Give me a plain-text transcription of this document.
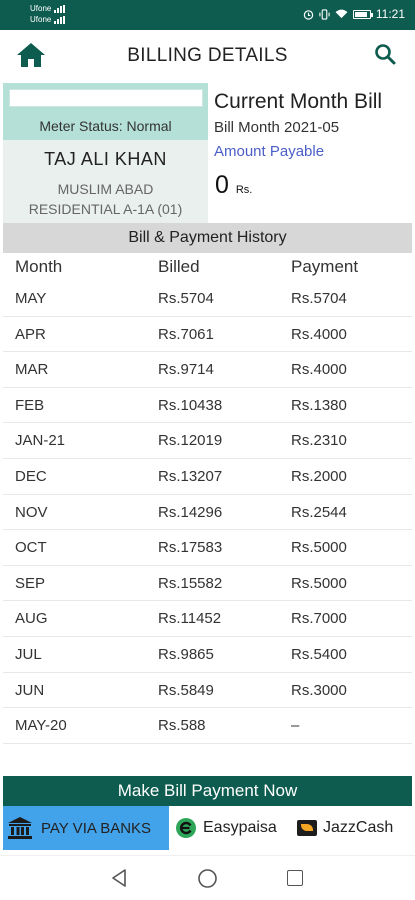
Ufone
Ufone	11:21
BILLING DETAILS
Meter Status: Normal
TAJ ALI KHAN
MUSLIM ABAD
RESIDENTIAL A-1A (01)
Current Month Bill
Bill Month 2021-05
Amount Payable
0 Rs.
Bill & Payment History
Month	Billed	Payment
MAY	Rs.5704	Rs.5704
APR	Rs.7061	Rs.4000
MAR	Rs.9714	Rs.4000
FEB	Rs.10438	Rs.1380
JAN-21	Rs.12019	Rs.2310
DEC	Rs.13207	Rs.2000
NOV	Rs.14296	Rs.2544
OCT	Rs.17583	Rs.5000
SEP	Rs.15582	Rs.5000
AUG	Rs.11452	Rs.7000
JUL	Rs.9865	Rs.5400
JUN	Rs.5849	Rs.3000
MAY-20	Rs.588	–
Make Bill Payment Now
PAY VIA BANKS	Easypaisa	JazzCash
